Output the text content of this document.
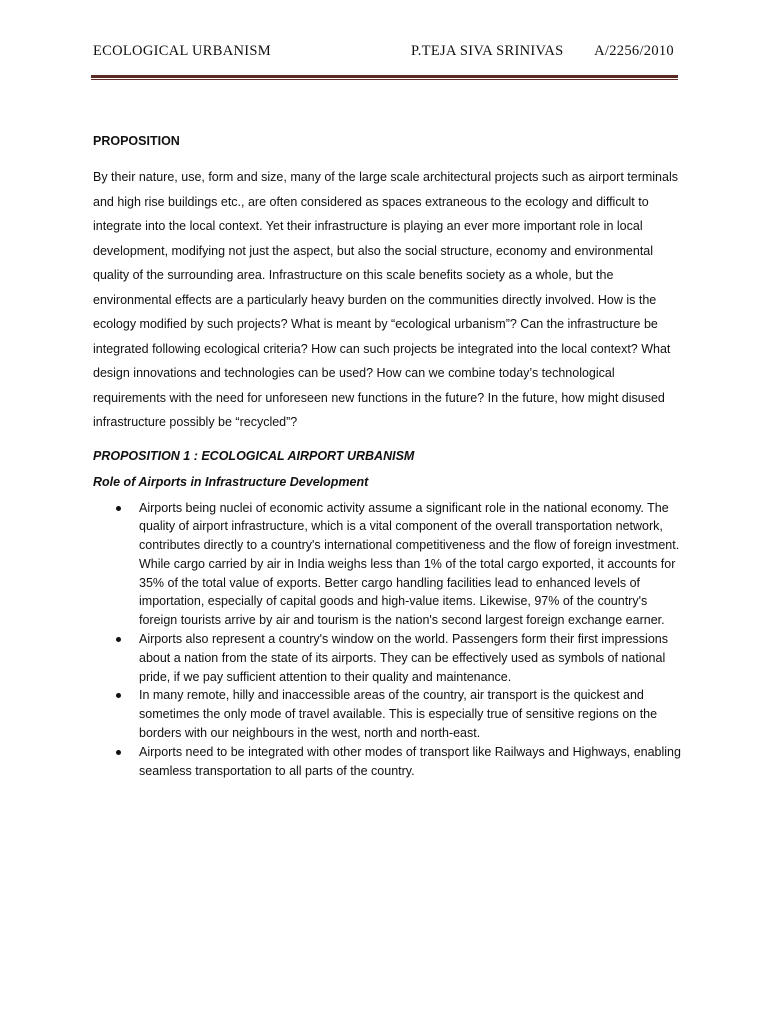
ECOLOGICAL URBANISM	P.TEJA SIVA SRINIVAS A/2256/2010
PROPOSITION

By their nature, use, form and size, many of the large scale architectural projects such as airport terminals and high rise buildings etc., are often considered as spaces extraneous to the ecology and difficult to integrate into the local context. Yet their infrastructure is playing an ever more important role in local development, modifying not just the aspect, but also the social structure, economy and environmental quality of the surrounding area. Infrastructure on this scale benefits society as a whole, but the environmental effects are a particularly heavy burden on the communities directly involved. How is the ecology modified by such projects? What is meant by “ecological urbanism”? Can the infrastructure be integrated following ecological criteria? How can such projects be integrated into the local context? What design innovations and technologies can be used? How can we combine today’s technological requirements with the need for unforeseen new functions in the future? In the future, how might disused infrastructure possibly be “recycled”?

PROPOSITION 1 : ECOLOGICAL AIRPORT URBANISM
Role of Airports in Infrastructure Development
Airports being nuclei of economic activity assume a significant role in the national economy. The quality of airport infrastructure, which is a vital component of the overall transportation network, contributes directly to a country's international competitiveness and the flow of foreign investment. While cargo carried by air in India weighs less than 1% of the total cargo exported, it accounts for 35% of the total value of exports. Better cargo handling facilities lead to enhanced levels of importation, especially of capital goods and high-value items. Likewise, 97% of the country's foreign tourists arrive by air and tourism is the nation's second largest foreign exchange earner.
Airports also represent a country's window on the world. Passengers form their first impressions about a nation from the state of its airports. They can be effectively used as symbols of national pride, if we pay sufficient attention to their quality and maintenance.
In many remote, hilly and inaccessible areas of the country, air transport is the quickest and sometimes the only mode of travel available. This is especially true of sensitive regions on the borders with our neighbours in the west, north and north-east.
Airports need to be integrated with other modes of transport like Railways and Highways, enabling seamless transportation to all parts of the country.
